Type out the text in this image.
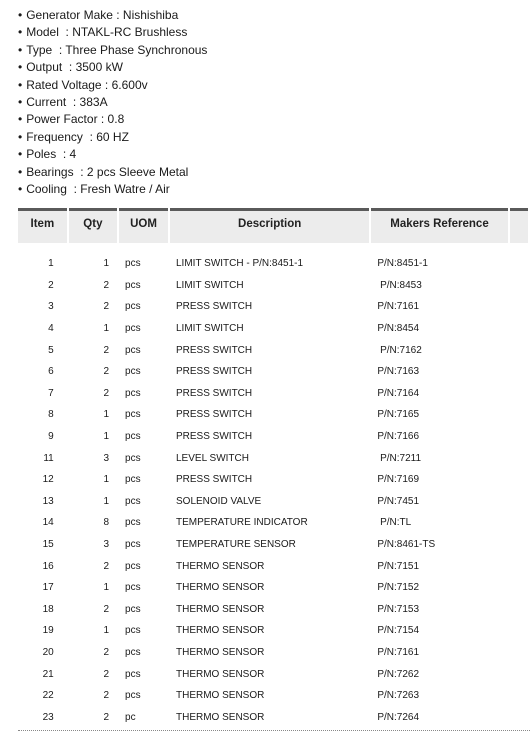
• Generator Make : Nishishiba
• Model  : NTAKL-RC Brushless
• Type  : Three Phase Synchronous
• Output  : 3500 kW
• Rated Voltage : 6.600v
• Current  : 383A
• Power Factor : 0.8
• Frequency  : 60 HZ
• Poles  : 4
• Bearings  : 2 pcs Sleeve Metal
• Cooling  : Fresh Watre / Air
Item	Qty	UOM	Description	Makers Reference	

1	1	pcs	LIMIT SWITCH - P/N:8451-1	P/N:8451-1	
2	2	pcs	LIMIT SWITCH	P/N:8453	
3	2	pcs	PRESS SWITCH	P/N:7161	
4	1	pcs	LIMIT SWITCH	P/N:8454	
5	2	pcs	PRESS SWITCH	P/N:7162	
6	2	pcs	PRESS SWITCH	P/N:7163	
7	2	pcs	PRESS SWITCH	P/N:7164	
8	1	pcs	PRESS SWITCH	P/N:7165	
9	1	pcs	PRESS SWITCH	P/N:7166	
11	3	pcs	LEVEL SWITCH	P/N:7211	
12	1	pcs	PRESS SWITCH	P/N:7169	
13	1	pcs	SOLENOID VALVE	P/N:7451	
14	8	pcs	TEMPERATURE INDICATOR	P/N:TL	
15	3	pcs	TEMPERATURE SENSOR	P/N:8461-TS	
16	2	pcs	THERMO SENSOR	P/N:7151	
17	1	pcs	THERMO SENSOR	P/N:7152	
18	2	pcs	THERMO SENSOR	P/N:7153	
19	1	pcs	THERMO SENSOR	P/N:7154	
20	2	pcs	THERMO SENSOR	P/N:7161	
21	2	pcs	THERMO SENSOR	P/N:7262	
22	2	pcs	THERMO SENSOR	P/N:7263	
23	2	pc	THERMO SENSOR	P/N:7264	
